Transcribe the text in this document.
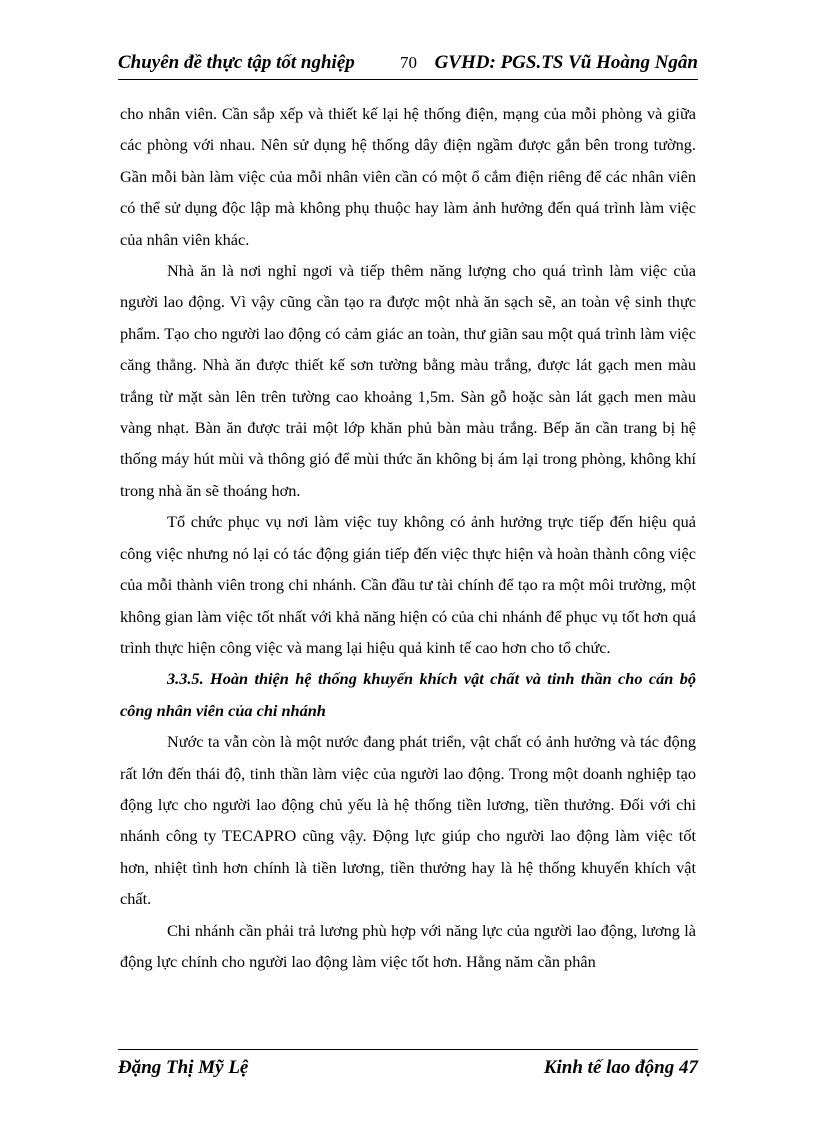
Chuyên đề thực tập tốt nghiệp	70 GVHD: PGS.TS Vũ Hoàng Ngân

cho nhân viên. Cần sắp xếp và thiết kế lại hệ thống điện, mạng của mỗi phòng và giữa các phòng với nhau. Nên sử dụng hệ thống dây điện ngầm được gắn bên trong tường. Gần mỗi bàn làm việc của mỗi nhân viên cần có một ổ cắm điện riêng để các nhân viên có thể sử dụng độc lập mà không phụ thuộc hay làm ảnh hưởng đến quá trình làm việc của nhân viên khác.

Nhà ăn là nơi nghỉ ngơi và tiếp thêm năng lượng cho quá trình làm việc của người lao động. Vì vậy cũng cần tạo ra được một nhà ăn sạch sẽ, an toàn vệ sinh thực phẩm. Tạo cho người lao động có cảm giác an toàn, thư giãn sau một quá trình làm việc căng thẳng. Nhà ăn được thiết kế sơn tường bằng màu trắng, được lát gạch men màu trắng từ mặt sàn lên trên tường cao khoảng 1,5m. Sàn gỗ hoặc sàn lát gạch men màu vàng nhạt. Bàn ăn được trải một lớp khăn phủ bàn màu trắng. Bếp ăn cần trang bị hệ thống máy hút mùi và thông gió để mùi thức ăn không bị ám lại trong phòng, không khí trong nhà ăn sẽ thoáng hơn.

Tổ chức phục vụ nơi làm việc tuy không có ảnh hưởng trực tiếp đến hiệu quả công việc nhưng nó lại có tác động gián tiếp đến việc thực hiện và hoàn thành công việc của mỗi thành viên trong chi nhánh. Cần đầu tư tài chính để tạo ra một môi trường, một không gian làm việc tốt nhất với khả năng hiện có của chi nhánh để phục vụ tốt hơn quá trình thực hiện công việc và mang lại hiệu quả kinh tế cao hơn cho tổ chức.

3.3.5. Hoàn thiện hệ thống khuyến khích vật chất và tinh thần cho cán bộ công nhân viên của chi nhánh

Nước ta vẫn còn là một nước đang phát triển, vật chất có ảnh hưởng và tác động rất lớn đến thái độ, tinh thần làm việc của người lao động. Trong một doanh nghiệp tạo động lực cho người lao động chủ yếu là hệ thống tiền lương, tiền thưởng. Đối với chi nhánh công ty TECAPRO cũng vậy. Động lực giúp cho người lao động làm việc tốt hơn, nhiệt tình hơn chính là tiền lương, tiền thưởng hay là hệ thống khuyến khích vật chất.

Chi nhánh cần phải trả lương phù hợp với năng lực của người lao động, lương là động lực chính cho người lao động làm việc tốt hơn. Hằng năm cần phân

Đặng Thị Mỹ Lệ	Kinh tế lao động 47
